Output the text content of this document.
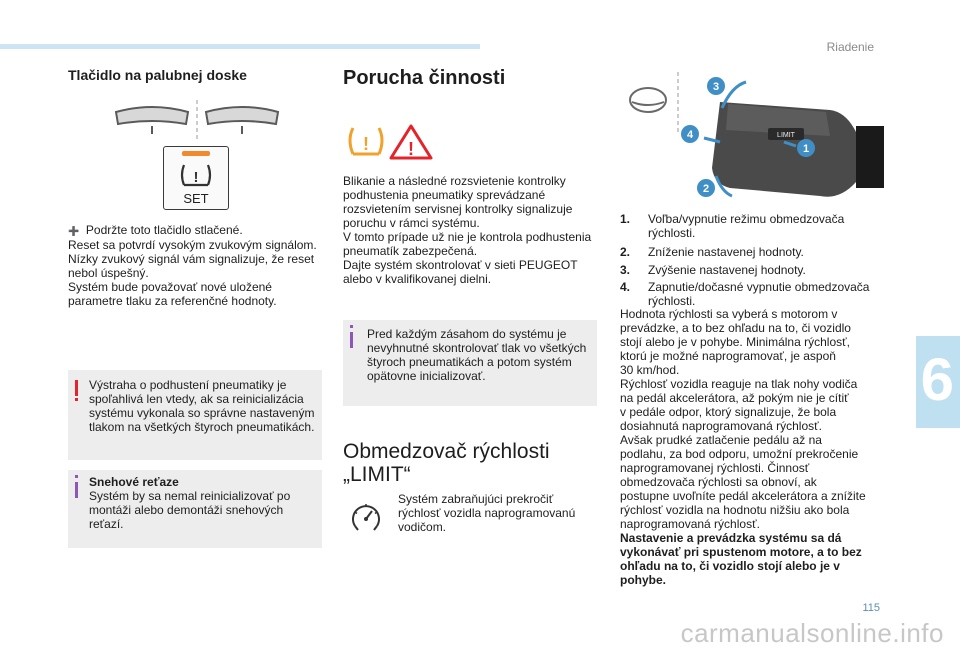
Riadenie
6
115
carmanualsonline.info
Tlačidlo na palubnej doske
!
SET

➕ Podržte toto tlačidlo stlačené.

Reset sa potvrdí vysokým zvukovým signálom.

Nízky zvukový signál vám signalizuje, že reset

nebol úspešný.

Systém bude považovať nové uložené

parametre tlaku za referenčné hodnoty.

Výstraha o podhustení pneumatiky je

spoľahlivá len vtedy, ak sa reinicializácia

systému vykonala so správne nastaveným

tlakom na všetkých štyroch pneumatikách.

Snehové reťaze

Systém by sa nemal reinicializovať po

montáži alebo demontáži snehových

reťazí.

Porucha činnosti
! !

Blikanie a následné rozsvietenie kontrolky

podhustenia pneumatiky sprevádzané

rozsvietením servisnej kontrolky signalizuje

poruchu v rámci systému.

V tomto prípade už nie je kontrola podhustenia

pneumatík zabezpečená.

Dajte systém skontrolovať v sieti PEUGEOT

alebo v kvalifikovanej dielni.

Pred každým zásahom do systému je

nevyhnutné skontrolovať tlak vo všetkých

štyroch pneumatikách a potom systém

opätovne inicializovať.

Obmedzovač rýchlosti
„LIMIT“

Systém zabraňujúci prekročiť

rýchlosť vozidla naprogramovanú

vodičom.

LIMIT
3
4
1
2
1. Voľba/vypnutie režimu obmedzovača
rýchlosti.
2. Zníženie nastavenej hodnoty.
3. Zvýšenie nastavenej hodnoty.
4. Zapnutie/dočasné vypnutie obmedzovača
rýchlosti.

Hodnota rýchlosti sa vyberá s motorom v

prevádzke, a to bez ohľadu na to, či vozidlo

stojí alebo je v pohybe. Minimálna rýchlosť,

ktorú je možné naprogramovať, je aspoň

30 km/hod.

Rýchlosť vozidla reaguje na tlak nohy vodiča

na pedál akcelerátora, až pokým nie je cítiť

v pedále odpor, ktorý signalizuje, že bola

dosiahnutá naprogramovaná rýchlosť.

Avšak prudké zatlačenie pedálu až na

podlahu, za bod odporu, umožní prekročenie

naprogramovanej rýchlosti. Činnosť

obmedzovača rýchlosti sa obnoví, ak

postupne uvoľníte pedál akcelerátora a znížite

rýchlosť vozidla na hodnotu nižšiu ako bola

naprogramovaná rýchlosť.

Nastavenie a prevádzka systému sa dá

vykonávať pri spustenom motore, a to bez

ohľadu na to, či vozidlo stojí alebo je v

pohybe.
